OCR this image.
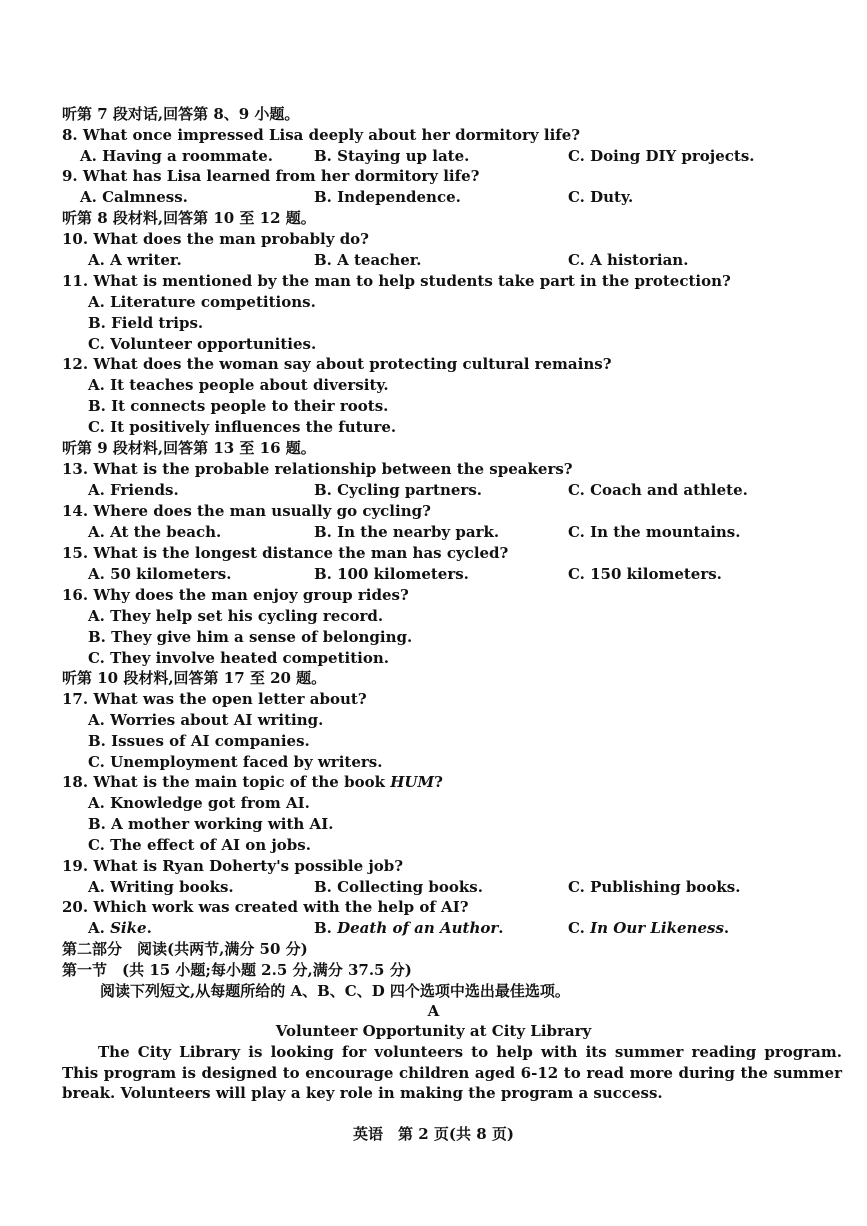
听第 7 段对话,回答第 8、9 小题。
8. What once impressed Lisa deeply about her dormitory life?
A. Having a roommate.	B. Staying up late.	C. Doing DIY projects.
9. What has Lisa learned from her dormitory life?
A. Calmness.	B. Independence.	C. Duty.
听第 8 段材料,回答第 10 至 12 题。
10. What does the man probably do?
A. A writer.	B. A teacher.	C. A historian.
11. What is mentioned by the man to help students take part in the protection?
A. Literature competitions.
B. Field trips.
C. Volunteer opportunities.
12. What does the woman say about protecting cultural remains?
A. It teaches people about diversity.
B. It connects people to their roots.
C. It positively influences the future.
听第 9 段材料,回答第 13 至 16 题。
13. What is the probable relationship between the speakers?
A. Friends.	B. Cycling partners.	C. Coach and athlete.
14. Where does the man usually go cycling?
A. At the beach.	B. In the nearby park.	C. In the mountains.
15. What is the longest distance the man has cycled?
A. 50 kilometers.	B. 100 kilometers.	C. 150 kilometers.
16. Why does the man enjoy group rides?
A. They help set his cycling record.
B. They give him a sense of belonging.
C. They involve heated competition.
听第 10 段材料,回答第 17 至 20 题。
17. What was the open letter about?
A. Worries about AI writing.
B. Issues of AI companies.
C. Unemployment faced by writers.
18. What is the main topic of the book HUM?
A. Knowledge got from AI.
B. A mother working with AI.
C. The effect of AI on jobs.
19. What is Ryan Doherty's possible job?
A. Writing books.	B. Collecting books.	C. Publishing books.
20. Which work was created with the help of AI?
A. Sike.	B. Death of an Author.	C. In Our Likeness.
第二部分　阅读(共两节,满分 50 分)
第一节　(共 15 小题;每小题 2.5 分,满分 37.5 分)
阅读下列短文,从每题所给的 A、B、C、D 四个选项中选出最佳选项。
A
Volunteer Opportunity at City Library
The City Library is looking for volunteers to help with its summer reading program. This program is designed to encourage children aged 6-12 to read more during the summer break. Volunteers will play a key role in making the program a success.
英语　第 2 页(共 8 页)
